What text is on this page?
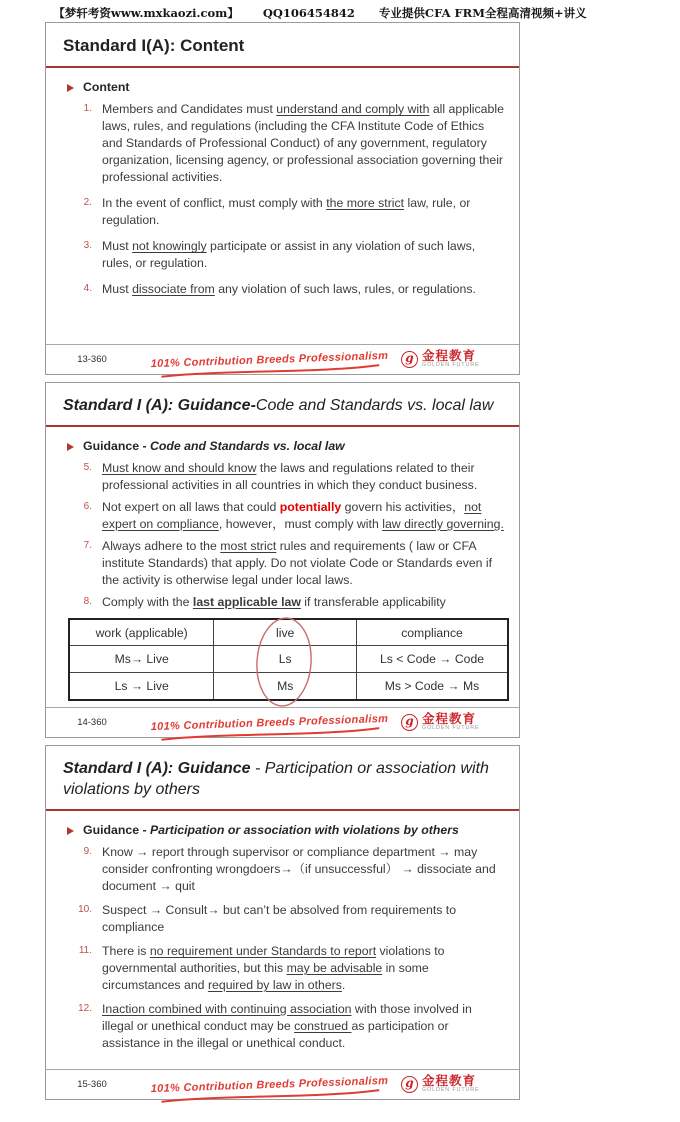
【梦轩考资www.mxkaozi.com】      QQ106454842      专业提供CFA FRM全程高清视频+讲义
Standard I(A): Content
Content
1. Members and Candidates must understand and comply with all applicable laws, rules, and regulations (including the CFA Institute Code of Ethics and Standards of Professional Conduct) of any government, regulatory organization, licensing agency, or professional association governing their professional activities.
2. In the event of conflict, must comply with the more strict law, rule, or regulation.
3. Must not knowingly participate or assist in any violation of such laws, rules, or regulation.
4. Must dissociate from any violation of such laws, rules, or regulations.
13-360	101% Contribution Breeds Professionalism	g 金程教育
GOLDEN FUTURE
Standard I (A): Guidance-Code and Standards vs. local law
Guidance - Code and Standards vs. local law
5. Must know and should know the laws and regulations related to their professional activities in all countries in which they conduct business.
6. Not expert on all laws that could potentially govern his activities，not expert on compliance, however，must comply with law directly governing.
7. Always adhere to the most strict rules and requirements ( law or CFA institute Standards) that apply. Do not violate Code or Standards even if the activity is otherwise legal under local laws.
8. Comply with the last applicable law if transferable applicability
work (applicable)	live	compliance
Ms→ Live	Ls	Ls < Code → Code
Ls → Live	Ms	Ms > Code → Ms
14-360	101% Contribution Breeds Professionalism	g 金程教育
GOLDEN FUTURE
Standard I (A): Guidance - Participation or association with violations by others
Guidance - Participation or association with violations by others
9. Know → report through supervisor or compliance department → may consider confronting wrongdoers→（if unsuccessful） → dissociate and document → quit
10. Suspect → Consult→ but can’t be absolved from requirements to compliance
11. There is no requirement under Standards to report violations to governmental authorities, but this may be advisable in some circumstances and required by law in others.
12. Inaction combined with continuing association with those involved in illegal or unethical conduct may be construed as participation or assistance in the illegal or unethical conduct.
15-360	101% Contribution Breeds Professionalism	g 金程教育
GOLDEN FUTURE
